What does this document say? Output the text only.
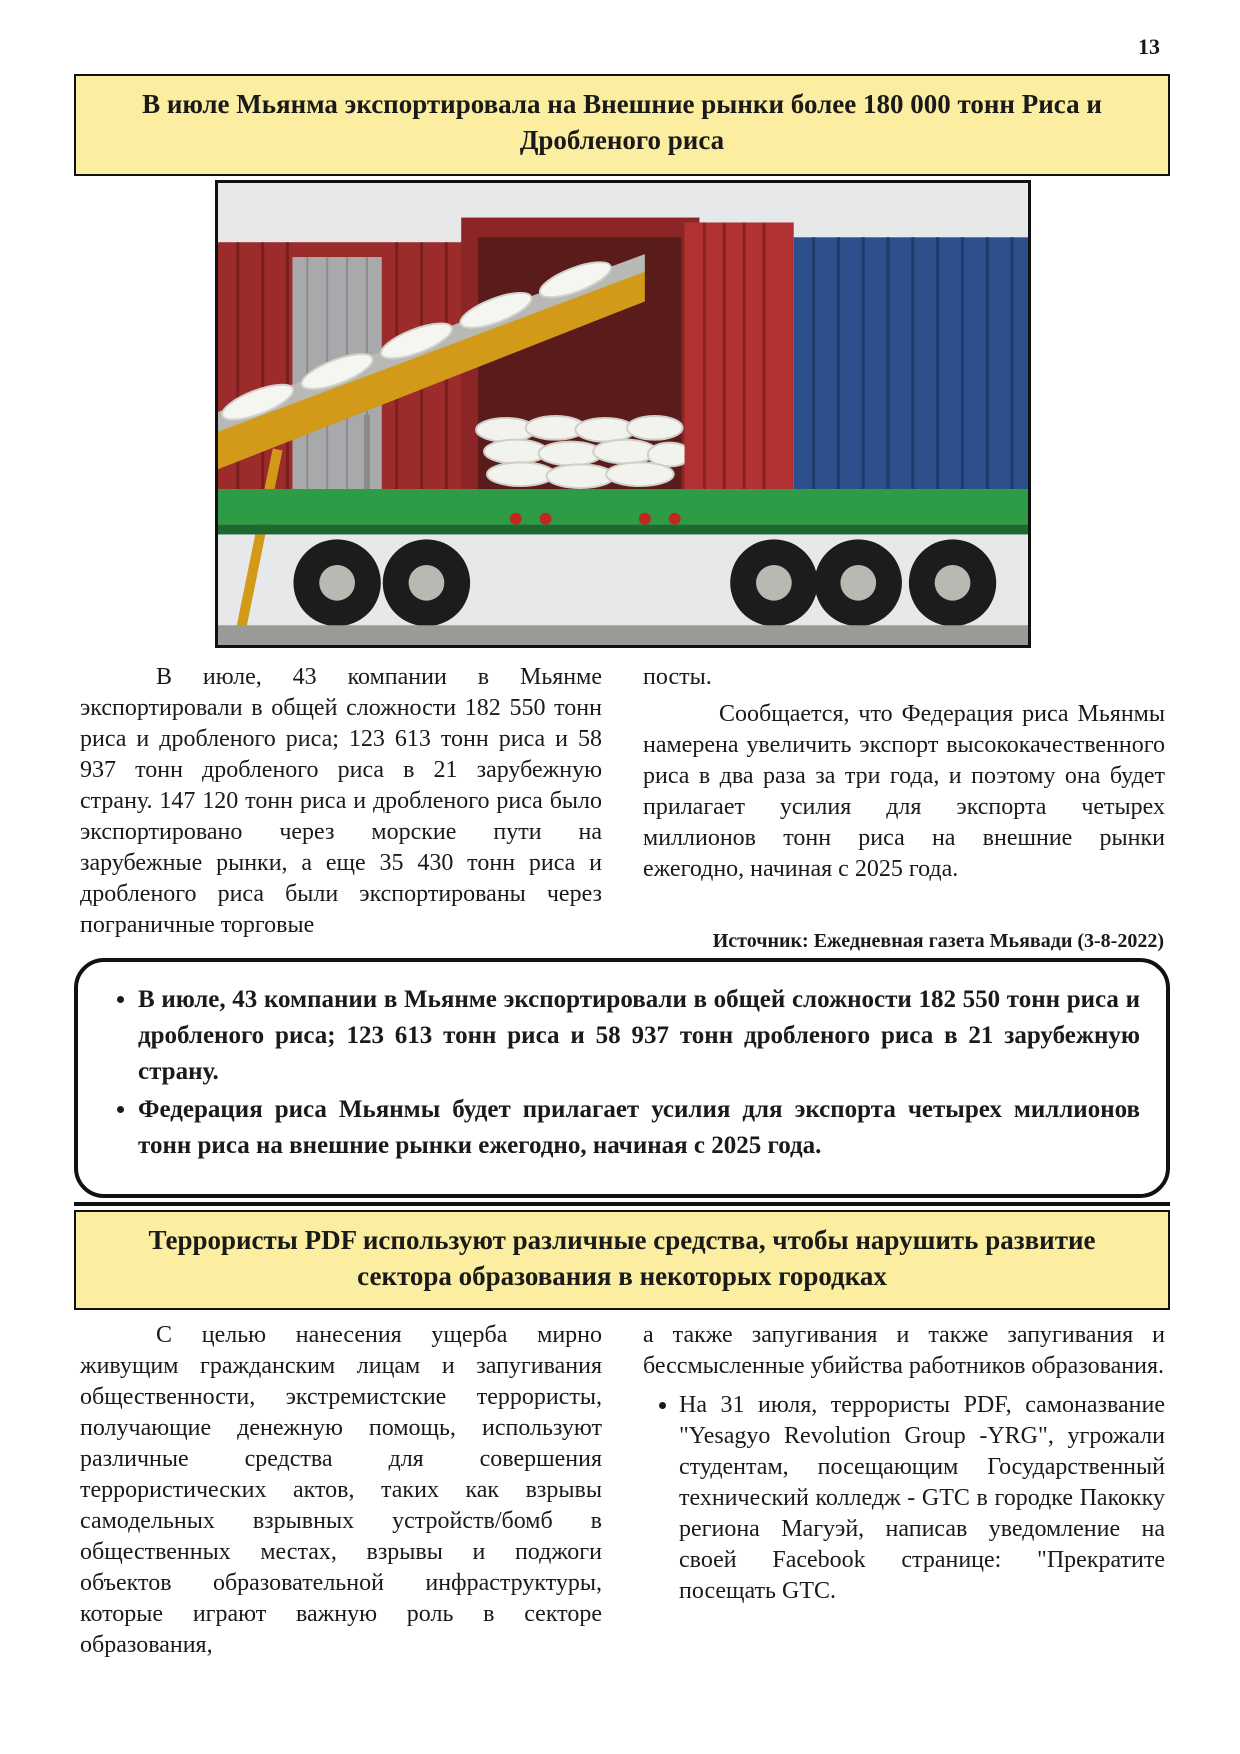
13
В июле Мьянма экспортировала на Внешние рынки более 180 000 тонн Риса и Дробленого риса

В июле, 43 компании в Мьянме экспортировали в общей сложности 182 550 тонн риса и дробленого риса; 123 613 тонн риса и 58 937 тонн дробленого риса в 21 зарубежную страну. 147 120 тонн риса и дробленого риса было экспортировано через морские пути на зарубежные рынки, а еще 35 430 тонн риса и дробленого риса были экспортированы через пограничные торговые

посты.

Сообщается, что Федерация риса Мьянмы намерена увеличить экспорт высококачественного риса в два раза за три года, и поэтому она будет прилагает усилия для экспорта четырех миллионов тонн риса на внешние рынки ежегодно, начиная с 2025 года.

Источник: Ежедневная газета Мьявади (3-8-2022)
• В июле, 43 компании в Мьянме экспортировали в общей сложности 182 550 тонн риса и дробленого риса; 123 613 тонн риса и 58 937 тонн дробленого риса в 21 зарубежную страну.
• Федерация риса Мьянмы будет прилагает усилия для экспорта четырех миллионов тонн риса на внешние рынки ежегодно, начиная с 2025 года.
Террористы PDF используют различные средства, чтобы нарушить развитие сектора образования в некоторых городках

С целью нанесения ущерба мирно живущим гражданским лицам и запугивания общественности, экстремистские террористы, получающие денежную помощь, используют различные средства для совершения террористических актов, таких как взрывы самодельных взрывных устройств/бомб в общественных местах, взрывы и поджоги объектов образовательной инфраструктуры, которые играют важную роль в секторе образования,

а также запугивания и также запугивания и бессмысленные убийства работников образования.

• На 31 июля, террористы PDF, самоназвание "Yesagyo Revolution Group -YRG", угрожали студентам, посещающим Государственный технический колледж - GTC в городке Пакокку региона Магуэй, написав уведомление на своей Facebook странице: "Прекратите посещать GTC.
